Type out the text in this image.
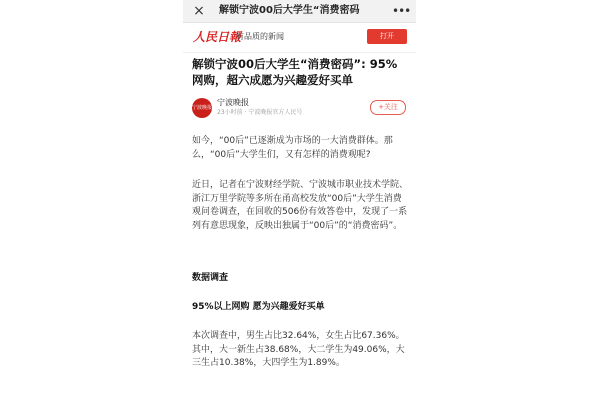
× 解锁宁波00后大学生“消费密码	•••
人民日報
有品质的新闻	打开
解锁宁波00后大学生“消费密码”: 95%网购，超六成愿为兴趣爱好买单
宁波晚报
宁波晚报
23小时前 · 宁波晚报官方人民号
+关注

如今，“00后”已逐渐成为市场的一大消费群体。那么，“00后”大学生们，又有怎样的消费观呢?

近日，记者在宁波财经学院、宁波城市职业技术学院、浙江万里学院等多所在甬高校发放“00后”大学生消费观问卷调查，在回收的506份有效答卷中，发现了一系列有意思现象，反映出独属于“00后”的“消费密码”。

数据调查

95%以上网购 愿为兴趣爱好买单

本次调查中，男生占比32.64%，女生占比67.36%。其中，大一新生占38.68%，大二学生为49.06%，大三生占10.38%，大四学生为1.89%。
